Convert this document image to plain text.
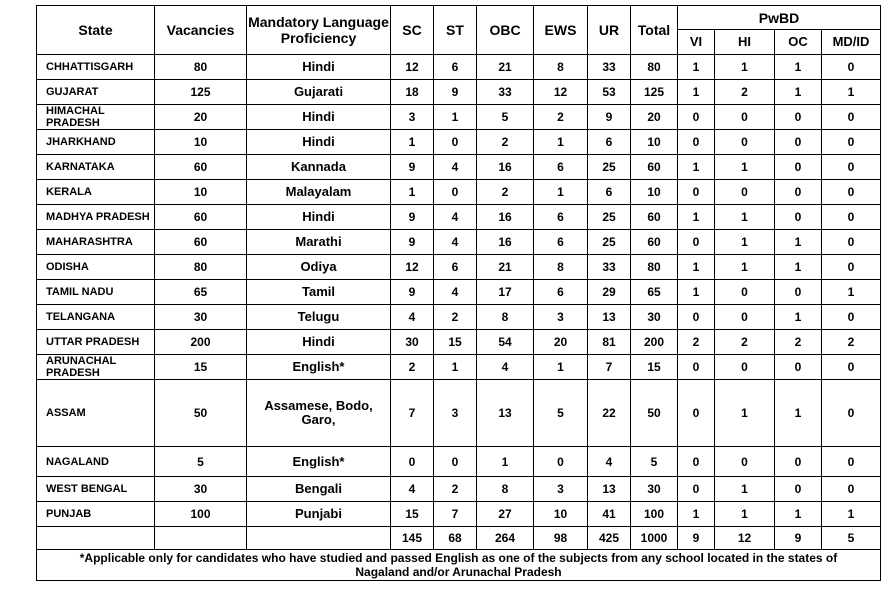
State	Vacancies	Mandatory Language Proficiency	SC	ST	OBC	EWS	UR	Total	PwBD			
									VI	HI	OC	MD/ID
CHHATTISGARH	80	Hindi	12	6	21	8	33	80	1	1	1	0
GUJARAT	125	Gujarati	18	9	33	12	53	125	1	2	1	1
HIMACHAL PRADESH	20	Hindi	3	1	5	2	9	20	0	0	0	0
JHARKHAND	10	Hindi	1	0	2	1	6	10	0	0	0	0
KARNATAKA	60	Kannada	9	4	16	6	25	60	1	1	0	0
KERALA	10	Malayalam	1	0	2	1	6	10	0	0	0	0
MADHYA PRADESH	60	Hindi	9	4	16	6	25	60	1	1	0	0
MAHARASHTRA	60	Marathi	9	4	16	6	25	60	0	1	1	0
ODISHA	80	Odiya	12	6	21	8	33	80	1	1	1	0
TAMIL NADU	65	Tamil	9	4	17	6	29	65	1	0	0	1
TELANGANA	30	Telugu	4	2	8	3	13	30	0	0	1	0
UTTAR PRADESH	200	Hindi	30	15	54	20	81	200	2	2	2	2
ARUNACHAL PRADESH	15	English*	2	1	4	1	7	15	0	0	0	0
ASSAM	50	Assamese, Bodo, Garo,	7	3	13	5	22	50	0	1	1	0
NAGALAND	5	English*	0	0	1	0	4	5	0	0	0	0
WEST BENGAL	30	Bengali	4	2	8	3	13	30	0	1	0	0
PUNJAB	100	Punjabi	15	7	27	10	41	100	1	1	1	1
			145	68	264	98	425	1000	9	12	9	5
*Applicable only for candidates who have studied and passed English as one of the subjects from any school located in the states of Nagaland and/or Arunachal Pradesh												
